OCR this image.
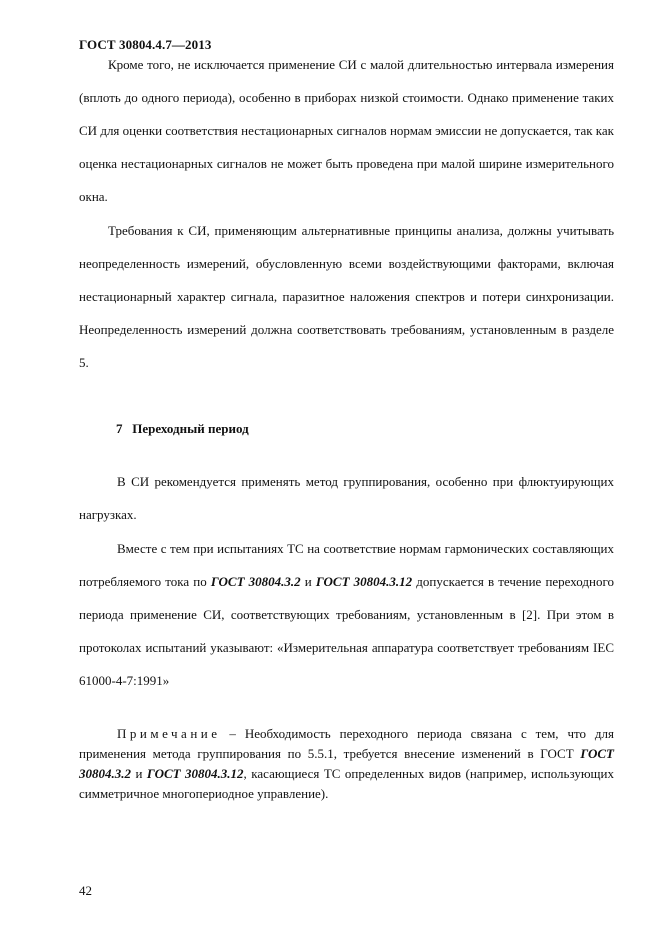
ГОСТ 30804.4.7—2013

Кроме того, не исключается применение СИ с малой длительностью интервала измерения (вплоть до одного периода), особенно в приборах низкой стоимости. Однако применение таких СИ для оценки соответствия нестационарных сигналов нормам эмиссии не допускается, так как оценка нестационарных сигналов не может быть проведена при малой ширине измерительного окна.

Требования к СИ, применяющим альтернативные принципы анализа, должны учитывать неопределенность измерений, обусловленную всеми воздействующими факторами, включая нестационарный характер сигнала, паразитное наложения спектров и потери синхронизации. Неопределенность измерений должна соответствовать требованиям, установленным в разделе 5.

7 Переходный период

В СИ рекомендуется применять метод группирования, особенно при флюктуирующих нагрузках.

Вместе с тем при испытаниях ТС на соответствие нормам гармонических составляющих потребляемого тока по ГОСТ 30804.3.2 и ГОСТ 30804.3.12 допускается в течение переходного периода применение СИ, соответствующих требованиям, установленным в [2]. При этом в протоколах испытаний указывают: «Измерительная аппаратура соответствует требованиям IEC 61000-4-7:1991»

Примечание – Необходимость переходного периода связана с тем, что для применения метода группирования по 5.5.1, требуется внесение изменений в ГОСТ ГОСТ 30804.3.2 и ГОСТ 30804.3.12, касающиеся ТС определенных видов (например, использующих симметричное многопериодное управление).

42
